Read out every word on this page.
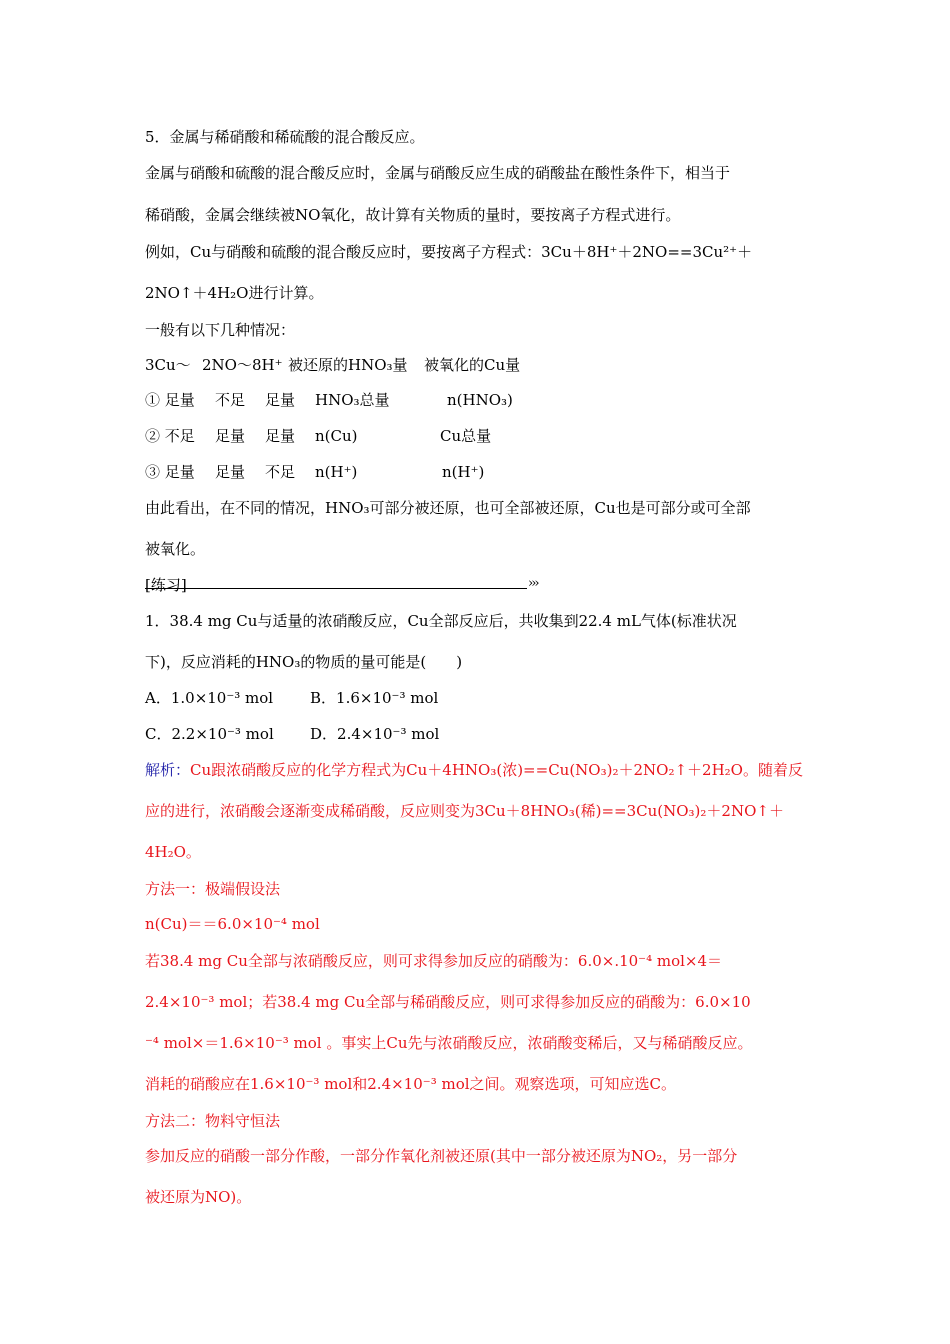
5．金属与稀硝酸和稀硫酸的混合酸反应。
金属与硝酸和硫酸的混合酸反应时，金属与硝酸反应生成的硝酸盐在酸性条件下，相当于
稀硝酸，金属会继续被NO氧化，故计算有关物质的量时，要按离子方程式进行。
例如，Cu与硝酸和硫酸的混合酸反应时，要按离子方程式：3Cu＋8H⁺＋2NO==3Cu²⁺＋
2NO↑＋4H₂O进行计算。
一般有以下几种情况：
3Cu～ 2NO～8H⁺ 被还原的HNO₃量 被氧化的Cu量
① 足量 不足 足量 HNO₃总量	n(HNO₃)
② 不足 足量 足量 n(Cu)	Cu总量
③ 足量 足量 不足 n(H⁺)	n(H⁺)
由此看出，在不同的情况，HNO₃可部分被还原，也可全部被还原，Cu也是可部分或可全部
被氧化。
[练习]	›››
1．38.4 mg Cu与适量的浓硝酸反应，Cu全部反应后，共收集到22.4 mL气体(标准状况
下)，反应消耗的HNO₃的物质的量可能是(　　)
A．1.0×10⁻³ mol B．1.6×10⁻³ mol
C．2.2×10⁻³ mol D．2.4×10⁻³ mol
解析：Cu跟浓硝酸反应的化学方程式为Cu＋4HNO₃(浓)==Cu(NO₃)₂＋2NO₂↑＋2H₂O。随着反
应的进行，浓硝酸会逐渐变成稀硝酸，反应则变为3Cu＋8HNO₃(稀)==3Cu(NO₃)₂＋2NO↑＋
4H₂O。
方法一：极端假设法
n(Cu)＝＝6.0×10⁻⁴ mol
若38.4 mg Cu全部与浓硝酸反应，则可求得参加反应的硝酸为：6.0×.10⁻⁴ mol×4＝
2.4×10⁻³ mol；若38.4 mg Cu全部与稀硝酸反应，则可求得参加反应的硝酸为：6.0×10
⁻⁴ mol×＝1.6×10⁻³ mol 。事实上Cu先与浓硝酸反应，浓硝酸变稀后，又与稀硝酸反应。
消耗的硝酸应在1.6×10⁻³ mol和2.4×10⁻³ mol之间。观察选项，可知应选C。
方法二：物料守恒法
参加反应的硝酸一部分作酸，一部分作氧化剂被还原(其中一部分被还原为NO₂，另一部分
被还原为NO)。
